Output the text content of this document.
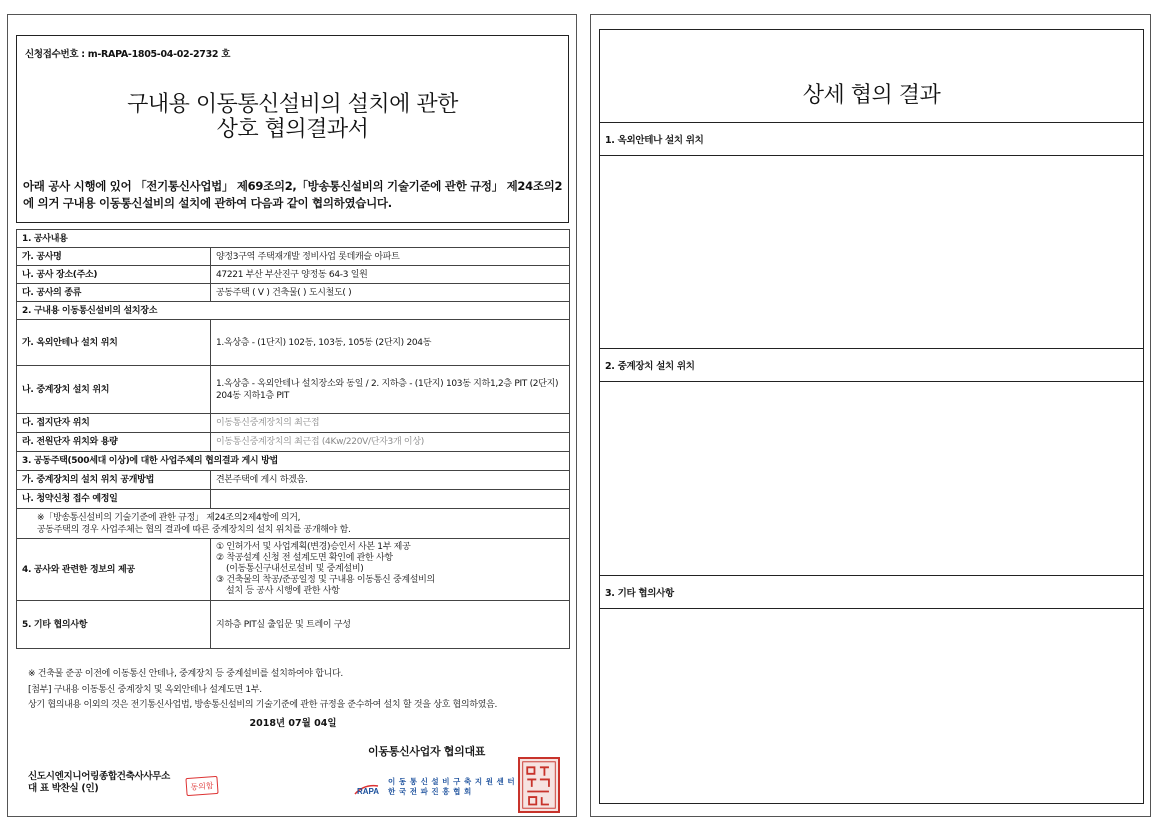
신청접수번호 : m-RAPA-1805-04-02-2732 호
구내용 이동통신설비의 설치에 관한
상호 협의결과서
아래 공사 시행에 있어 「전기통신사업법」 제69조의2,「방송통신설비의 기술기준에 관한 규정」 제24조의2에 의거 구내용 이동통신설비의 설치에 관하여 다음과 같이 협의하였습니다.
1. 공사내용	
가. 공사명	양정3구역 주택재개발 정비사업 롯데캐슬 아파트
나. 공사 장소(주소)	47221 부산 부산진구 양정동 64-3 일원
다. 공사의 종류	공동주택 ( V ) 건축물( ) 도시철도( )
2. 구내용 이동통신설비의 설치장소	
가. 옥외안테나 설치 위치	1.옥상층 - (1단지) 102동, 103동, 105동 (2단지) 204동
나. 중계장치 설치 위치	1.옥상층 - 옥외안테나 설치장소와 동일 / 2. 지하층 - (1단지) 103동 지하1,2층 PIT (2단지) 204동 지하1층 PIT
다. 접지단자 위치	이동통신중계장치의 최근접
라. 전원단자 위치와 용량	이동통신중계장치의 최근접 (4Kw/220V/단자3개 이상)
3. 공동주택(500세대 이상)에 대한 사업주체의 협의결과 게시 방법	
가. 중계장치의 설치 위치 공개방법	견본주택에 게시 하겠음.
나. 청약신청 접수 예정일	

※「방송통신설비의 기술기준에 관한 규정」 제24조의2제4항에 의거,
공동주택의 경우 사업주체는 협의 결과에 따른 중계장치의 설치 위치를 공개해야 함.	

4. 공사와 관련한 정보의 제공	① 인허가서 및 사업계획(변경)승인서 사본 1부 제공
② 착공설계 신청 전 설계도면 확인에 관한 사항
(이동통신구내선로설비 및 중계설비)
③ 건축물의 착공/준공일정 및 구내용 이동통신 중계설비의
설치 등 공사 시행에 관한 사항

5. 기타 협의사항	지하층 PIT실 출입문 및 트레이 구성
※ 건축물 준공 이전에 이동통신 안테나, 중계장치 등 중계설비를 설치하여야 합니다.
[첨부] 구내용 이동통신 중계장치 및 옥외안테나 설계도면 1부.
상기 협의내용 이외의 것은 전기통신사업법, 방송통신설비의 기술기준에 관한 규정을 준수하여 설치 할 것을 상호 협의하였음.
2018년 07월 04일
신도시엔지니어링종합건축사사무소
대 표 박찬실 (인)	동의함
이동통신사업자 협의대표
RAPA
이 동 통 신 설 비 구 축 지 원 센 터
한 국 전 파 진 흥 협 회
상세 협의 결과
1. 옥외안테나 설치 위치
2. 중계장치 설치 위치
3. 기타 협의사항
